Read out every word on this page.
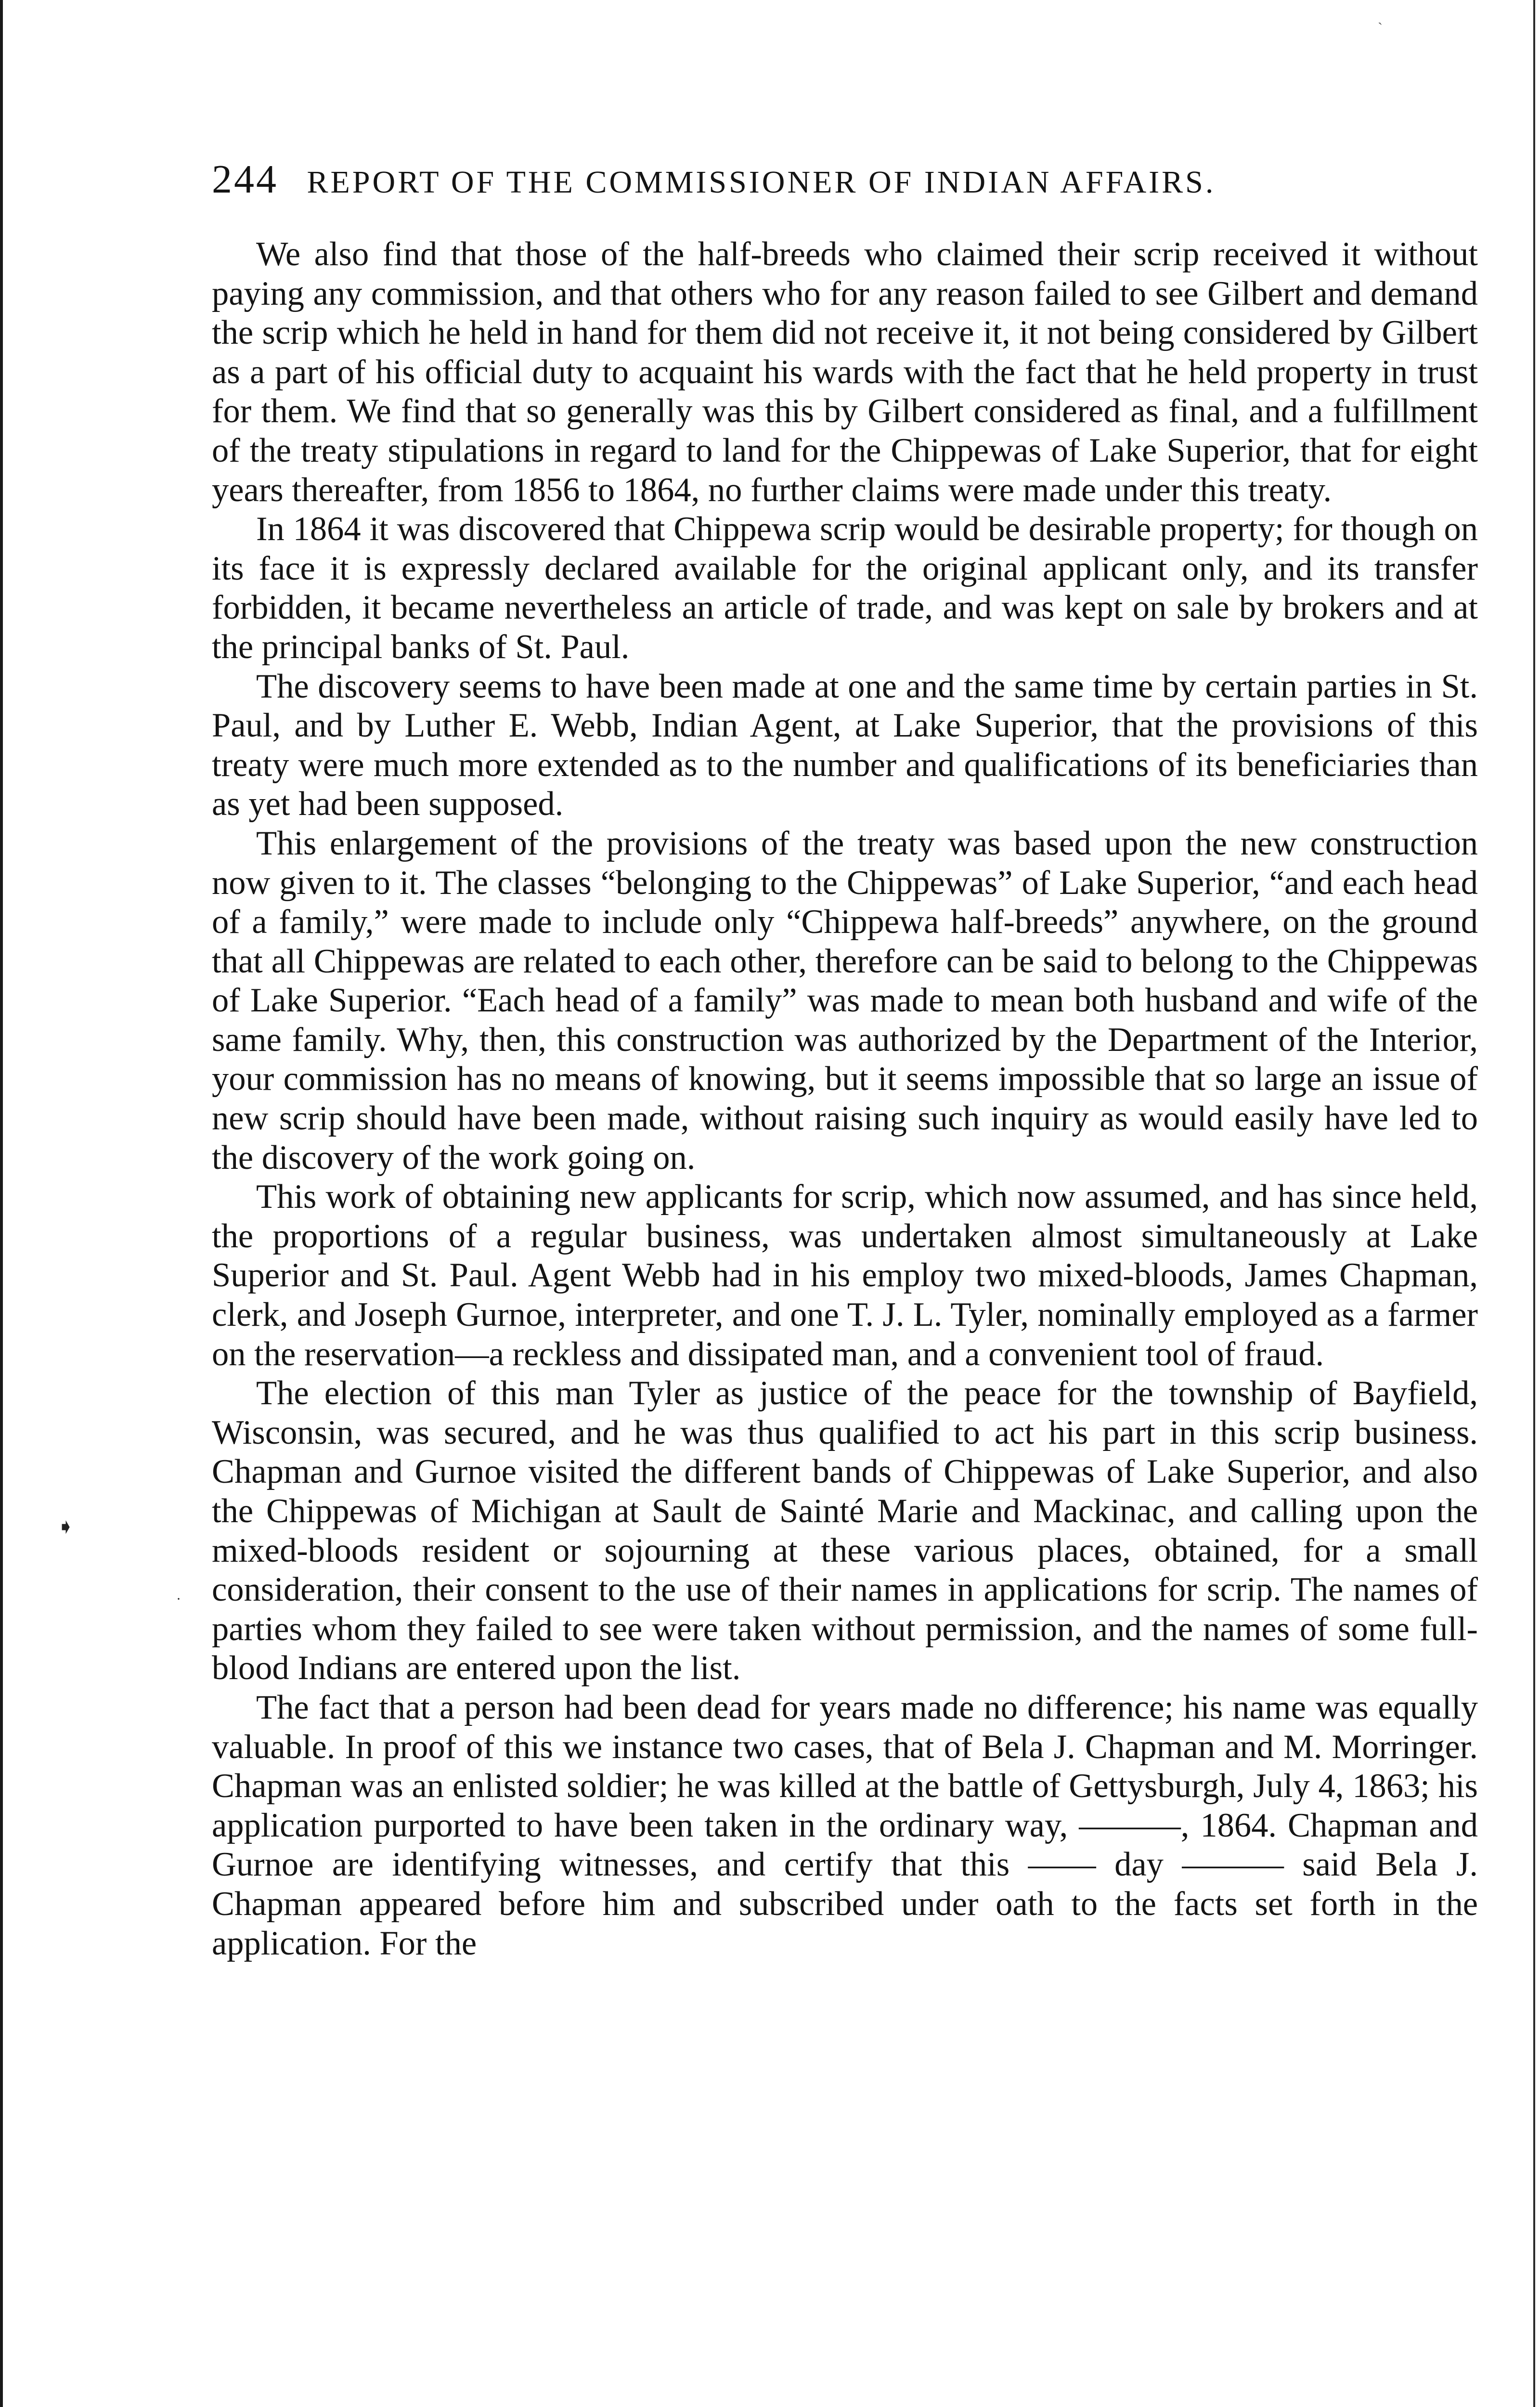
ˏ
244 REPORT OF THE COMMISSIONER OF INDIAN AFFAIRS.

We also find that those of the half-breeds who claimed their scrip received it without paying any commission, and that others who for any reason failed to see Gilbert and demand the scrip which he held in hand for them did not receive it, it not being considered by Gilbert as a part of his official duty to acquaint his wards with the fact that he held property in trust for them. We find that so generally was this by Gilbert considered as final, and a fulfillment of the treaty stipulations in regard to land for the Chippewas of Lake Superior, that for eight years thereafter, from 1856 to 1864, no further claims were made under this treaty.

In 1864 it was discovered that Chippewa scrip would be desirable property; for though on its face it is expressly declared available for the original applicant only, and its transfer forbidden, it became nevertheless an article of trade, and was kept on sale by brokers and at the principal banks of St. Paul.

The discovery seems to have been made at one and the same time by certain parties in St. Paul, and by Luther E. Webb, Indian Agent, at Lake Superior, that the provisions of this treaty were much more extended as to the number and qualifications of its beneficiaries than as yet had been supposed.

This enlargement of the provisions of the treaty was based upon the new construction now given to it. The classes “belonging to the Chippewas” of Lake Superior, “and each head of a family,” were made to include only “Chippewa half-breeds” anywhere, on the ground that all Chippewas are related to each other, therefore can be said to belong to the Chippewas of Lake Superior. “Each head of a family” was made to mean both husband and wife of the same family. Why, then, this construction was authorized by the Department of the Interior, your commission has no means of knowing, but it seems impossible that so large an issue of new scrip should have been made, without raising such inquiry as would easily have led to the discovery of the work going on.

This work of obtaining new applicants for scrip, which now assumed, and has since held, the proportions of a regular business, was undertaken almost simultaneously at Lake Superior and St. Paul. Agent Webb had in his employ two mixed-bloods, James Chapman, clerk, and Joseph Gurnoe, interpreter, and one T. J. L. Tyler, nominally employed as a farmer on the reservation—a reckless and dissipated man, and a convenient tool of fraud.

The election of this man Tyler as justice of the peace for the township of Bayfield, Wisconsin, was secured, and he was thus qualified to act his part in this scrip business. Chapman and Gurnoe visited the different bands of Chippewas of Lake Superior, and also the Chippewas of Michigan at Sault de Sainté Marie and Mackinac, and calling upon the mixed-bloods resident or sojourning at these various places, obtained, for a small consideration, their consent to the use of their names in applications for scrip. The names of parties whom they failed to see were taken without permission, and the names of some full-blood Indians are entered upon the list.

The fact that a person had been dead for years made no difference; his name was equally valuable. In proof of this we instance two cases, that of Bela J. Chapman and M. Morringer. Chapman was an enlisted soldier; he was killed at the battle of Gettysburgh, July 4, 1863; his application purported to have been taken in the ordinary way, ———, 1864. Chapman and Gurnoe are identifying witnesses, and certify that this —— day ——— said Bela J. Chapman appeared before him and subscribed under oath to the facts set forth in the application. For the

➧
·
